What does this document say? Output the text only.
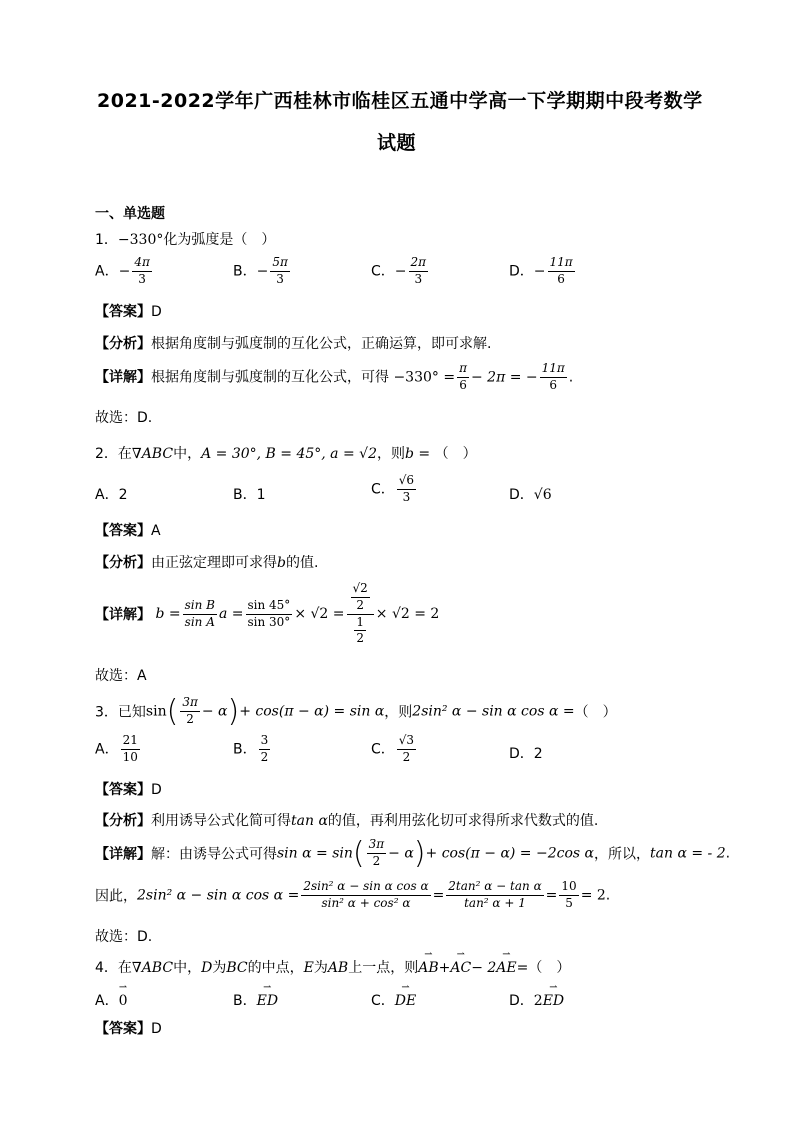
2021-2022学年广西桂林市临桂区五通中学高一下学期期中段考数学
试题
一、单选题
1．−330°化为弧度是（　）
A．− $\frac{4\pi}{3}$	B．− $\frac{5\pi}{3}$	C．− $\frac{2\pi}{3}$	D．− $\frac{11\pi}{6}$
【答案】D
【分析】根据角度制与弧度制的互化公式，正确运算，即可求解.
【详解】根据角度制与弧度制的互化公式，可得 $-330^\circ = \frac{\pi}{6} - 2\pi$ = − $\frac{11\pi}{6}$ .
故选：D.
2．在∇ABC中，A = 30°, B = 45°, a = √2，则b = （　）
A．2	B．1	C． $\frac{√6}{3}$	D．√6
【答案】A
【分析】由正弦定理即可求得b的值.
【详解】 $b = \frac{\text{sin B}}{\text{sin A}}$ $a = \frac{\sin 45^\circ}{\sin 30^\circ} \times √2 = \frac{\frac{√2}{2}}{\frac{1}{2}} \times √2 = 2$
故选：A
3．已知$\sin( \frac{3\pi}{2} - \alpha)+ \cos(\pi - \alpha) = \sin \alpha$，则2sin² α − sin α cos α =（　）
A． $\frac{21}{10}$	B． $\frac{3}{2}$	C． $\frac{√3}{2}$	D．2
【答案】D
【分析】利用诱导公式化简可得tan α的值，再利用弦化切可求得所求代数式的值.
【详解】解：由诱导公式可得$\sin \alpha = \sin( \frac{3\pi}{2} - \alpha)+ \cos(\pi - \alpha) = -2\cos$ α，所以，tan α = - 2.
因此，2sin² α − sin α $\cos \alpha = \frac{\text{2sin² α − sin α cos α}}{\text{sin² α + cos² α}} = \frac{\text{2tan² α − tan α}}{\text{tan² α + 1}} = \frac{10}{5} = 2$.
故选：D.
4．在∇ABC中，D为BC的中点，E为AB上一点，则⇀ AB+⇀ AC− 2⇀ AE=（　）
A．⇀ 0	B．⇀ ED	C．⇀ DE	D．2⇀ ED
【答案】D
